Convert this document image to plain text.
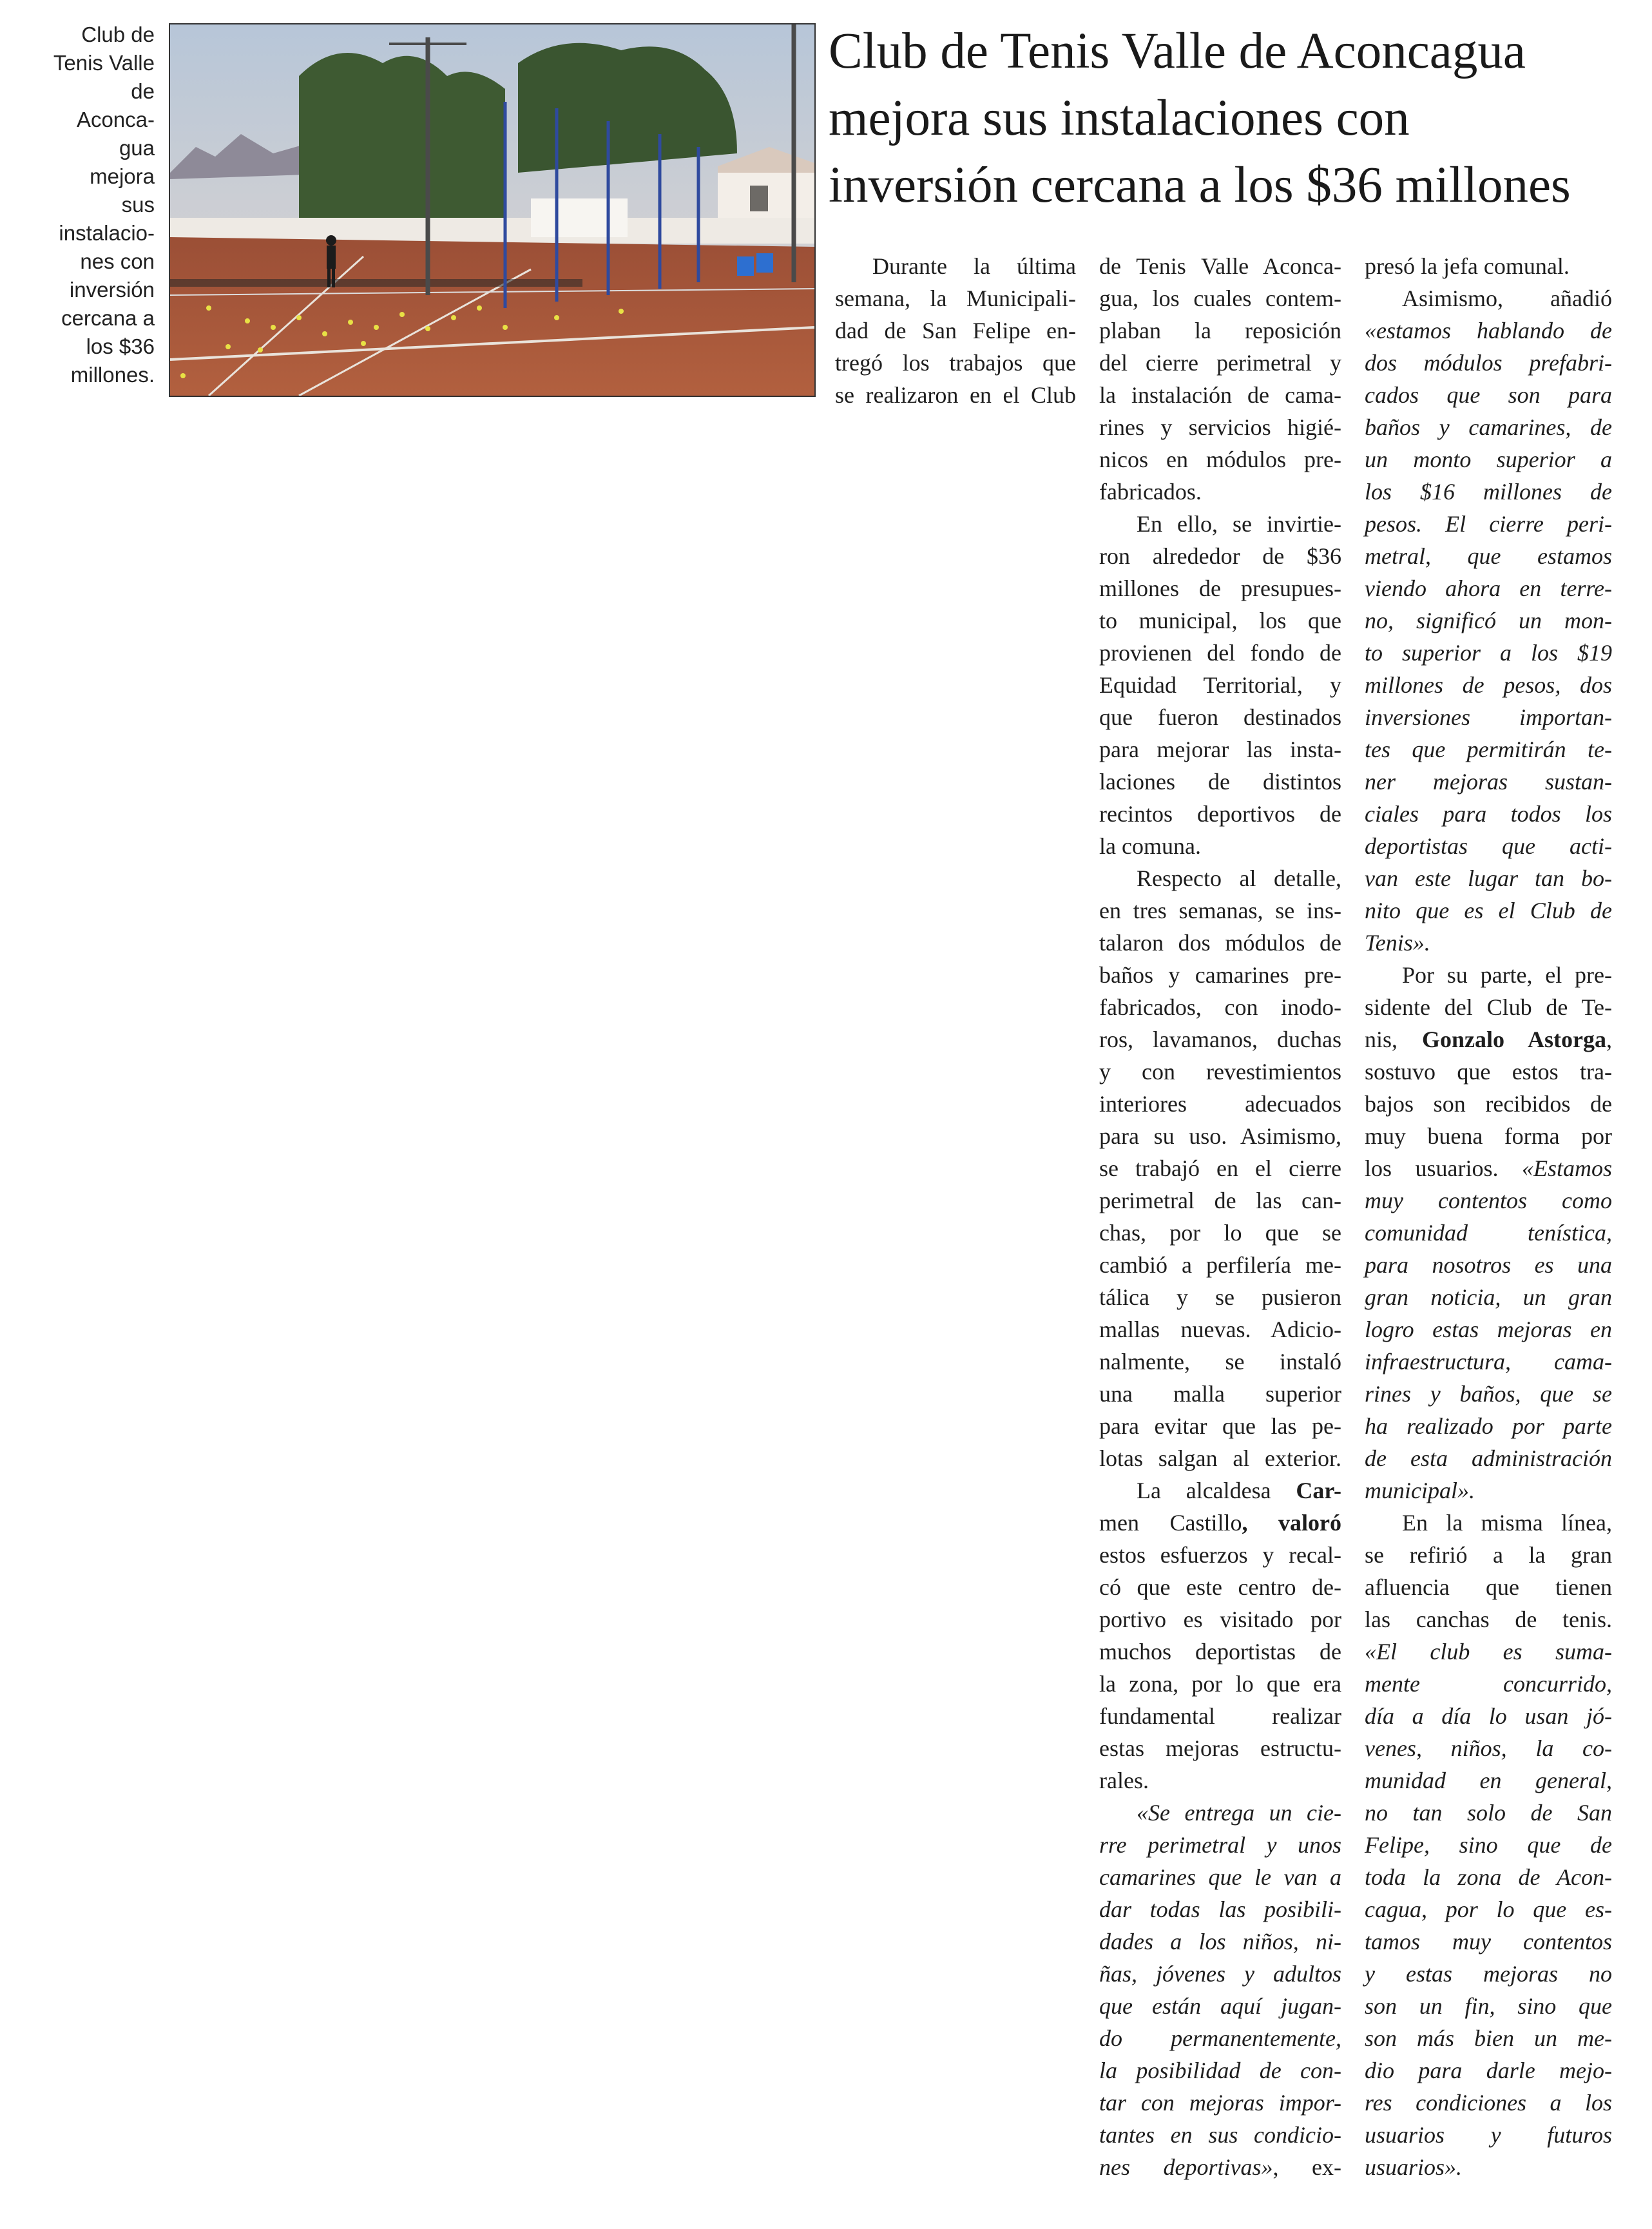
Club de
Tenis Valle
de
Aconca-
gua
mejora
sus
instalacio-
nes con
inversión
cercana a
los $36
millones.
Club de Tenis Valle de Aconcagua
mejora sus instalaciones con
inversión cercana a los $36 millones
Durante la última
semana, la Municipali-
dad de San Felipe en-
tregó los trabajos que
se realizaron en el Club
de Tenis Valle Aconca-
gua, los cuales contem-
plaban la reposición
del cierre perimetral y
la instalación de cama-
rines y servicios higié-
nicos en módulos pre-
fabricados.
En ello, se invirtie-
ron alrededor de $36
millones de presupues-
to municipal, los que
provienen del fondo de
Equidad Territorial, y
que fueron destinados
para mejorar las insta-
laciones de distintos
recintos deportivos de
la comuna.
Respecto al detalle,
en tres semanas, se ins-
talaron dos módulos de
baños y camarines pre-
fabricados, con inodo-
ros, lavamanos, duchas
y con revestimientos
interiores adecuados
para su uso. Asimismo,
se trabajó en el cierre
perimetral de las can-
chas, por lo que se
cambió a perfilería me-
tálica y se pusieron
mallas nuevas. Adicio-
nalmente, se instaló
una malla superior
para evitar que las pe-
lotas salgan al exterior.
La alcaldesa Car-
men Castillo, valoró
estos esfuerzos y recal-
có que este centro de-
portivo es visitado por
muchos deportistas de
la zona, por lo que era
fundamental realizar
estas mejoras estructu-
rales.
«Se entrega un cie-
rre perimetral y unos
camarines que le van a
dar todas las posibili-
dades a los niños, ni-
ñas, jóvenes y adultos
que están aquí jugan-
do permanentemente,
la posibilidad de con-
tar con mejoras impor-
tantes en sus condicio-
nes deportivas», ex-
presó la jefa comunal.
Asimismo, añadió
«estamos hablando de
dos módulos prefabri-
cados que son para
baños y camarines, de
un monto superior a
los $16 millones de
pesos. El cierre peri-
metral, que estamos
viendo ahora en terre-
no, significó un mon-
to superior a los $19
millones de pesos, dos
inversiones importan-
tes que permitirán te-
ner mejoras sustan-
ciales para todos los
deportistas que acti-
van este lugar tan bo-
nito que es el Club de
Tenis».
Por su parte, el pre-
sidente del Club de Te-
nis, Gonzalo Astorga,
sostuvo que estos tra-
bajos son recibidos de
muy buena forma por
los usuarios. «Estamos
muy contentos como
comunidad tenística,
para nosotros es una
gran noticia, un gran
logro estas mejoras en
infraestructura, cama-
rines y baños, que se
ha realizado por parte
de esta administración
municipal».
En la misma línea,
se refirió a la gran
afluencia que tienen
las canchas de tenis.
«El club es suma-
mente concurrido,
día a día lo usan jó-
venes, niños, la co-
munidad en general,
no tan solo de San
Felipe, sino que de
toda la zona de Acon-
cagua, por lo que es-
tamos muy contentos
y estas mejoras no
son un fin, sino que
son más bien un me-
dio para darle mejo-
res condiciones a los
usuarios y futuros
usuarios».
